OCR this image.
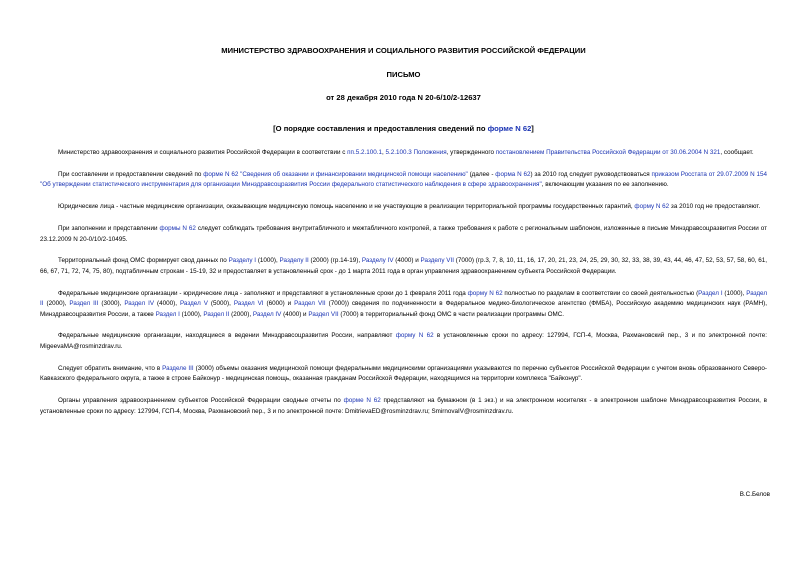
МИНИСТЕРСТВО ЗДРАВООХРАНЕНИЯ И СОЦИАЛЬНОГО РАЗВИТИЯ РОССИЙСКОЙ ФЕДЕРАЦИИ
ПИСЬМО
от 28 декабря 2010 года N 20-6/10/2-12637
[О порядке составления и предоставления сведений по форме N 62]

Министерство здравоохранения и социального развития Российской Федерации в соответствии с пп.5.2.100.1, 5.2.100.3 Положения, утвержденного постановлением Правительства Российской Федерации от 30.06.2004 N 321, сообщает.

При составлении и предоставлении сведений по форме N 62 "Сведения об оказании и финансировании медицинской помощи населению" (далее - форма N 62) за 2010 год следует руководствоваться приказом Росстата от 29.07.2009 N 154 "Об утверждении статистического инструментария для организации Минздравсоцразвития России федерального статистического наблюдения в сфере здравоохранения", включающим указания по ее заполнению.

Юридические лица - частные медицинские организации, оказывающие медицинскую помощь населению и не участвующие в реализации территориальной программы государственных гарантий, форму N 62 за 2010 год не предоставляют.

При заполнении и представлении формы N 62 следует соблюдать требования внутритабличного и межтабличного контролей, а также требования к работе с региональным шаблоном, изложенные в письме Минздравсоцразвития России от 23.12.2009 N 20-0/10/2-10495.

Территориальный фонд ОМС формирует свод данных по Разделу I (1000), Разделу II (2000) (гр.14-19), Разделу IV (4000) и Разделу VII (7000) (гр.3, 7, 8, 10, 11, 16, 17, 20, 21, 23, 24, 25, 29, 30, 32, 33, 38, 39, 43, 44, 46, 47, 52, 53, 57, 58, 60, 61, 66, 67, 71, 72, 74, 75, 80), подтабличным строкам - 15-19, 32 и предоставляет в установленный срок - до 1 марта 2011 года в орган управления здравоохранением субъекта Российской Федерации.

Федеральные медицинские организации - юридические лица - заполняют и представляют в установленные сроки до 1 февраля 2011 года форму N 62 полностью по разделам в соответствии со своей деятельностью (Раздел I (1000), Раздел II (2000), Раздел III (3000), Раздел IV (4000), Раздел V (5000), Раздел VI (6000) и Раздел VII (7000)) сведения по подчиненности в Федеральное медико-биологическое агентство (ФМБА), Российскую академию медицинских наук (РАМН), Минздравсоцразвития России, а также Раздел I (1000), Раздел II (2000), Раздел IV (4000) и Раздел VII (7000) в территориальный фонд ОМС в части реализации программы ОМС.

Федеральные медицинские организации, находящиеся в ведении Минздравсоцразвития России, направляют форму N 62 в установленные сроки по адресу: 127994, ГСП-4, Москва, Рахмановский пер., 3 и по электронной почте: MigeevaMA@rosminzdrav.ru.

Следует обратить внимание, что в Разделе III (3000) объемы оказания медицинской помощи федеральными медицинскими организациями указываются по перечню субъектов Российской Федерации с учетом вновь образованного Северо-Кавказского федерального округа, а также в строке Байконур - медицинская помощь, оказанная гражданам Российской Федерации, находящимся на территории комплекса "Байконур".

Органы управления здравоохранением субъектов Российской Федерации сводные отчеты по форме N 62 представляют на бумажном (в 1 экз.) и на электронном носителях - в электронном шаблоне Минздравсоцразвития России, в установленные сроки по адресу: 127994, ГСП-4, Москва, Рахмановский пер., 3 и по электронной почте: DmitrievaED@rosminzdrav.ru; SmirnovaIV@rosminzdrav.ru.

В.С.Белов
